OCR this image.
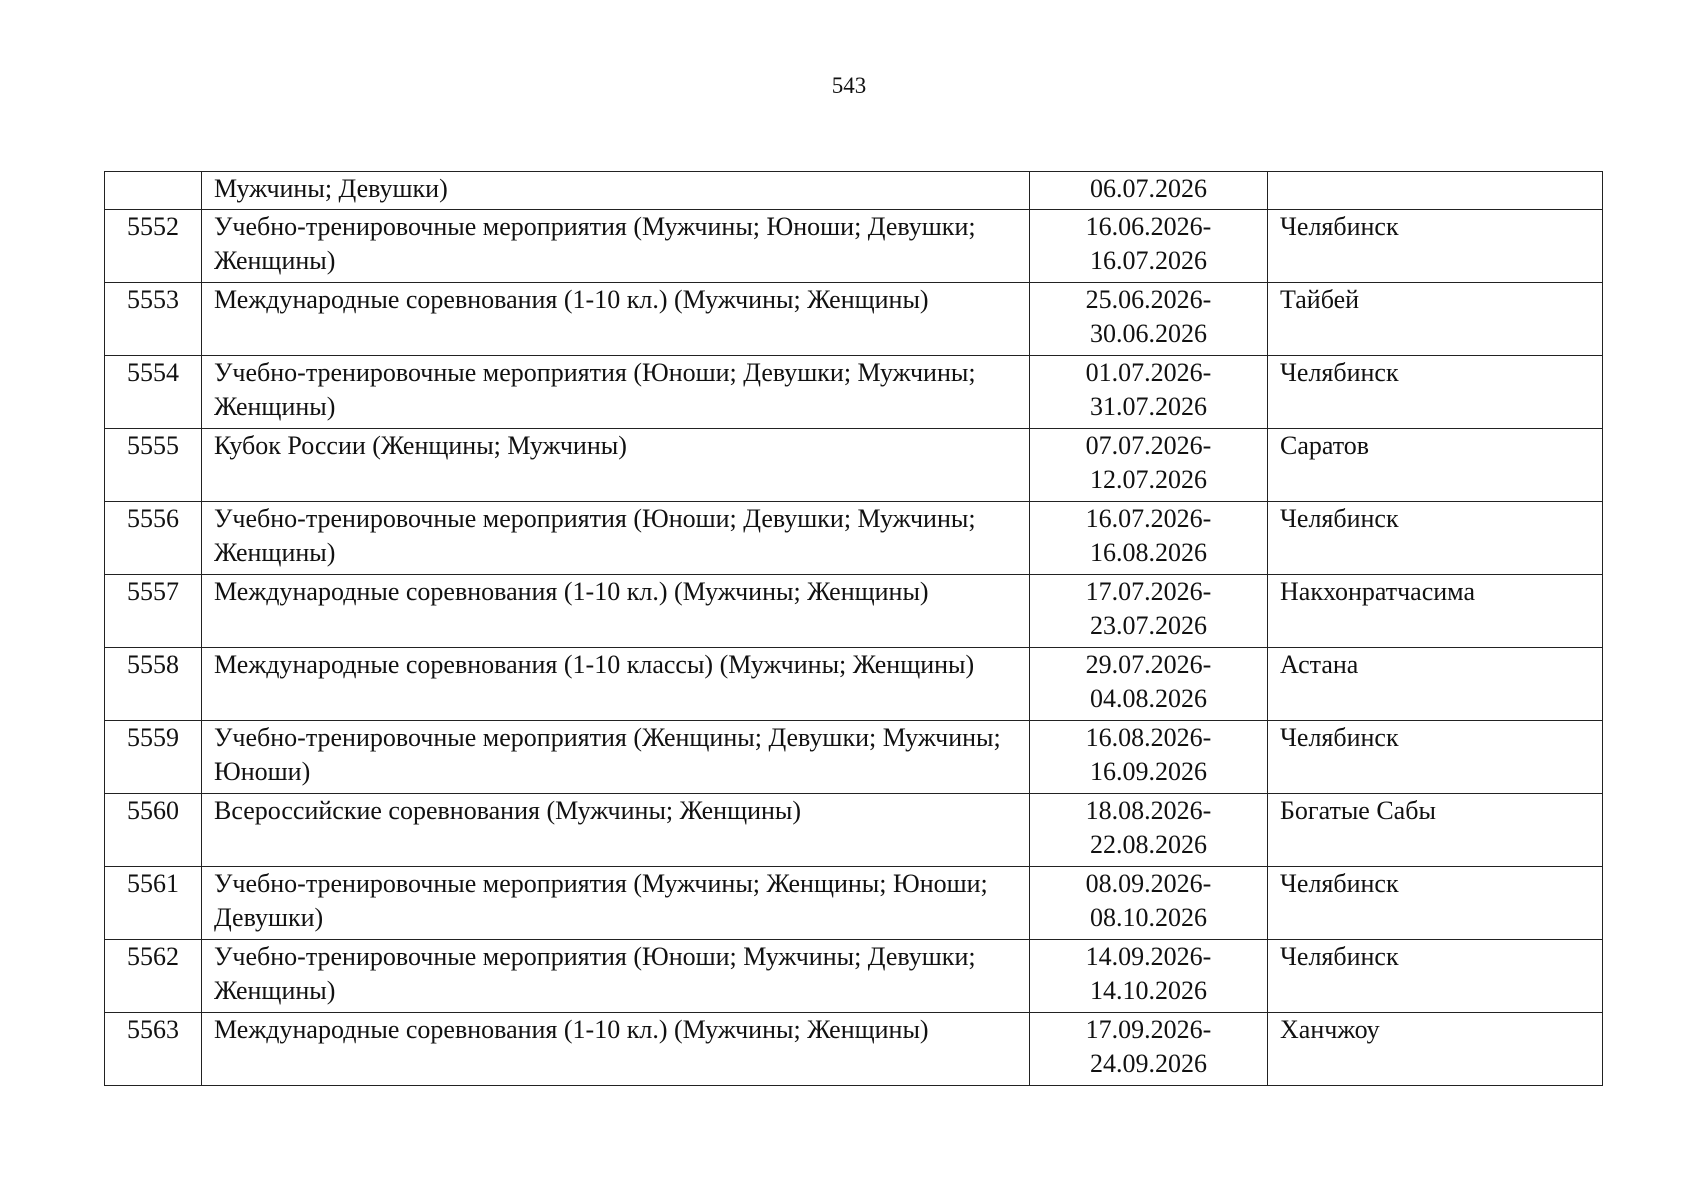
543
	Мужчины; Девушки)	06.07.2026	
5552	Учебно-тренировочные мероприятия (Мужчины; Юноши; Девушки; Женщины)	16.06.2026-16.07.2026	Челябинск
5553	Международные соревнования (1-10 кл.) (Мужчины; Женщины)	25.06.2026-30.06.2026	Тайбей
5554	Учебно-тренировочные мероприятия (Юноши; Девушки; Мужчины; Женщины)	01.07.2026-31.07.2026	Челябинск
5555	Кубок России (Женщины; Мужчины)	07.07.2026-12.07.2026	Саратов
5556	Учебно-тренировочные мероприятия (Юноши; Девушки; Мужчины; Женщины)	16.07.2026-16.08.2026	Челябинск
5557	Международные соревнования (1-10 кл.) (Мужчины; Женщины)	17.07.2026-23.07.2026	Накхонратчасима
5558	Международные соревнования (1-10 классы) (Мужчины; Женщины)	29.07.2026-04.08.2026	Астана
5559	Учебно-тренировочные мероприятия (Женщины; Девушки; Мужчины; Юноши)	16.08.2026-16.09.2026	Челябинск
5560	Всероссийские соревнования (Мужчины; Женщины)	18.08.2026-22.08.2026	Богатые Сабы
5561	Учебно-тренировочные мероприятия (Мужчины; Женщины; Юноши; Девушки)	08.09.2026-08.10.2026	Челябинск
5562	Учебно-тренировочные мероприятия (Юноши; Мужчины; Девушки; Женщины)	14.09.2026-14.10.2026	Челябинск
5563	Международные соревнования (1-10 кл.) (Мужчины; Женщины)	17.09.2026-24.09.2026	Ханчжоу
